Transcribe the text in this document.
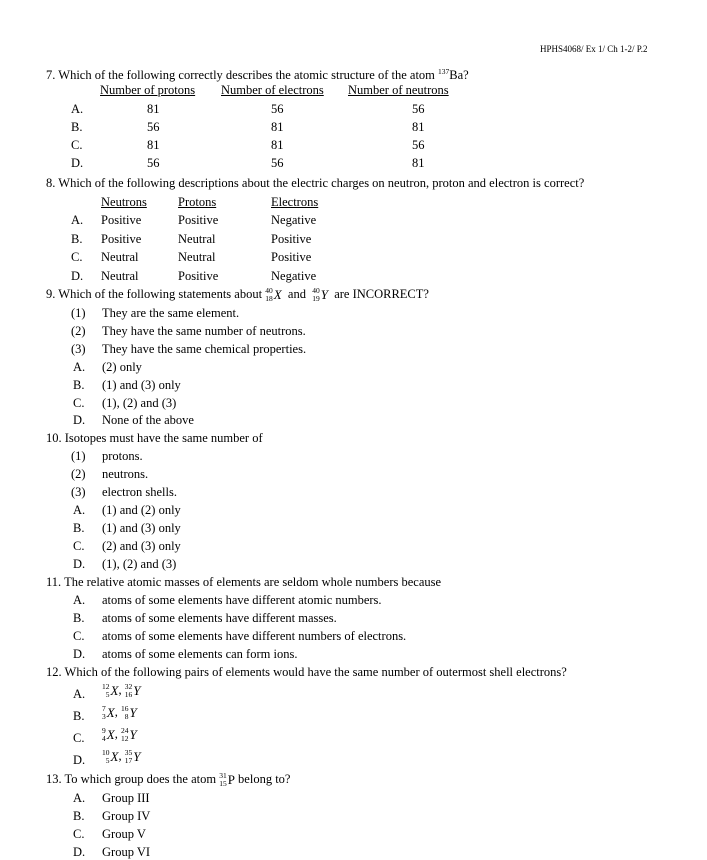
HPHS4068/ Ex 1/ Ch 1-2/ P.2
7. Which of the following correctly describes the atomic structure of the atom $^{137}$Ba?
Number of protons Number of electrons Number of neutrons
A.	81	56	56
B.	56	81	81
C.	81	81	56
D.	56	56	81
8. Which of the following descriptions about the electric charges on neutron, proton and electron is correct?
Neutrons Protons	Electrons
A. Positive	Positive	Negative
B. Positive	Neutral	Positive
C. Neutral	Neutral	Positive
D. Neutral	Positive	Negative
9. Which of the following statements about 40
18 X and 40
19 Y are INCORRECT?
(1) They are the same element.
(2) They have the same number of neutrons.
(3) They have the same chemical properties.
A. (2) only
B. (1) and (3) only
C. (1), (2) and (3)
D. None of the above
10. Isotopes must have the same number of
(1) protons.
(2) neutrons.
(3) electron shells.
A. (1) and (2) only
B. (1) and (3) only
C. (2) and (3) only
D. (1), (2) and (3)
11. The relative atomic masses of elements are seldom whole numbers because
A. atoms of some elements have different atomic numbers.
B. atoms of some elements have different masses.
C. atoms of some elements have different numbers of electrons.
D. atoms of some elements can form ions.
12. Which of the following pairs of elements would have the same number of outermost shell electrons?
A.
12
5 X, 32
16 Y
B.
7
3 X, 16
8 Y
C.
9
4 X, 24
12 Y
D.
10
5 X, 35
17 Y
13. To which group does the atom 31
15 P belong to?
A. Group III
B. Group IV
C. Group V
D. Group VI
